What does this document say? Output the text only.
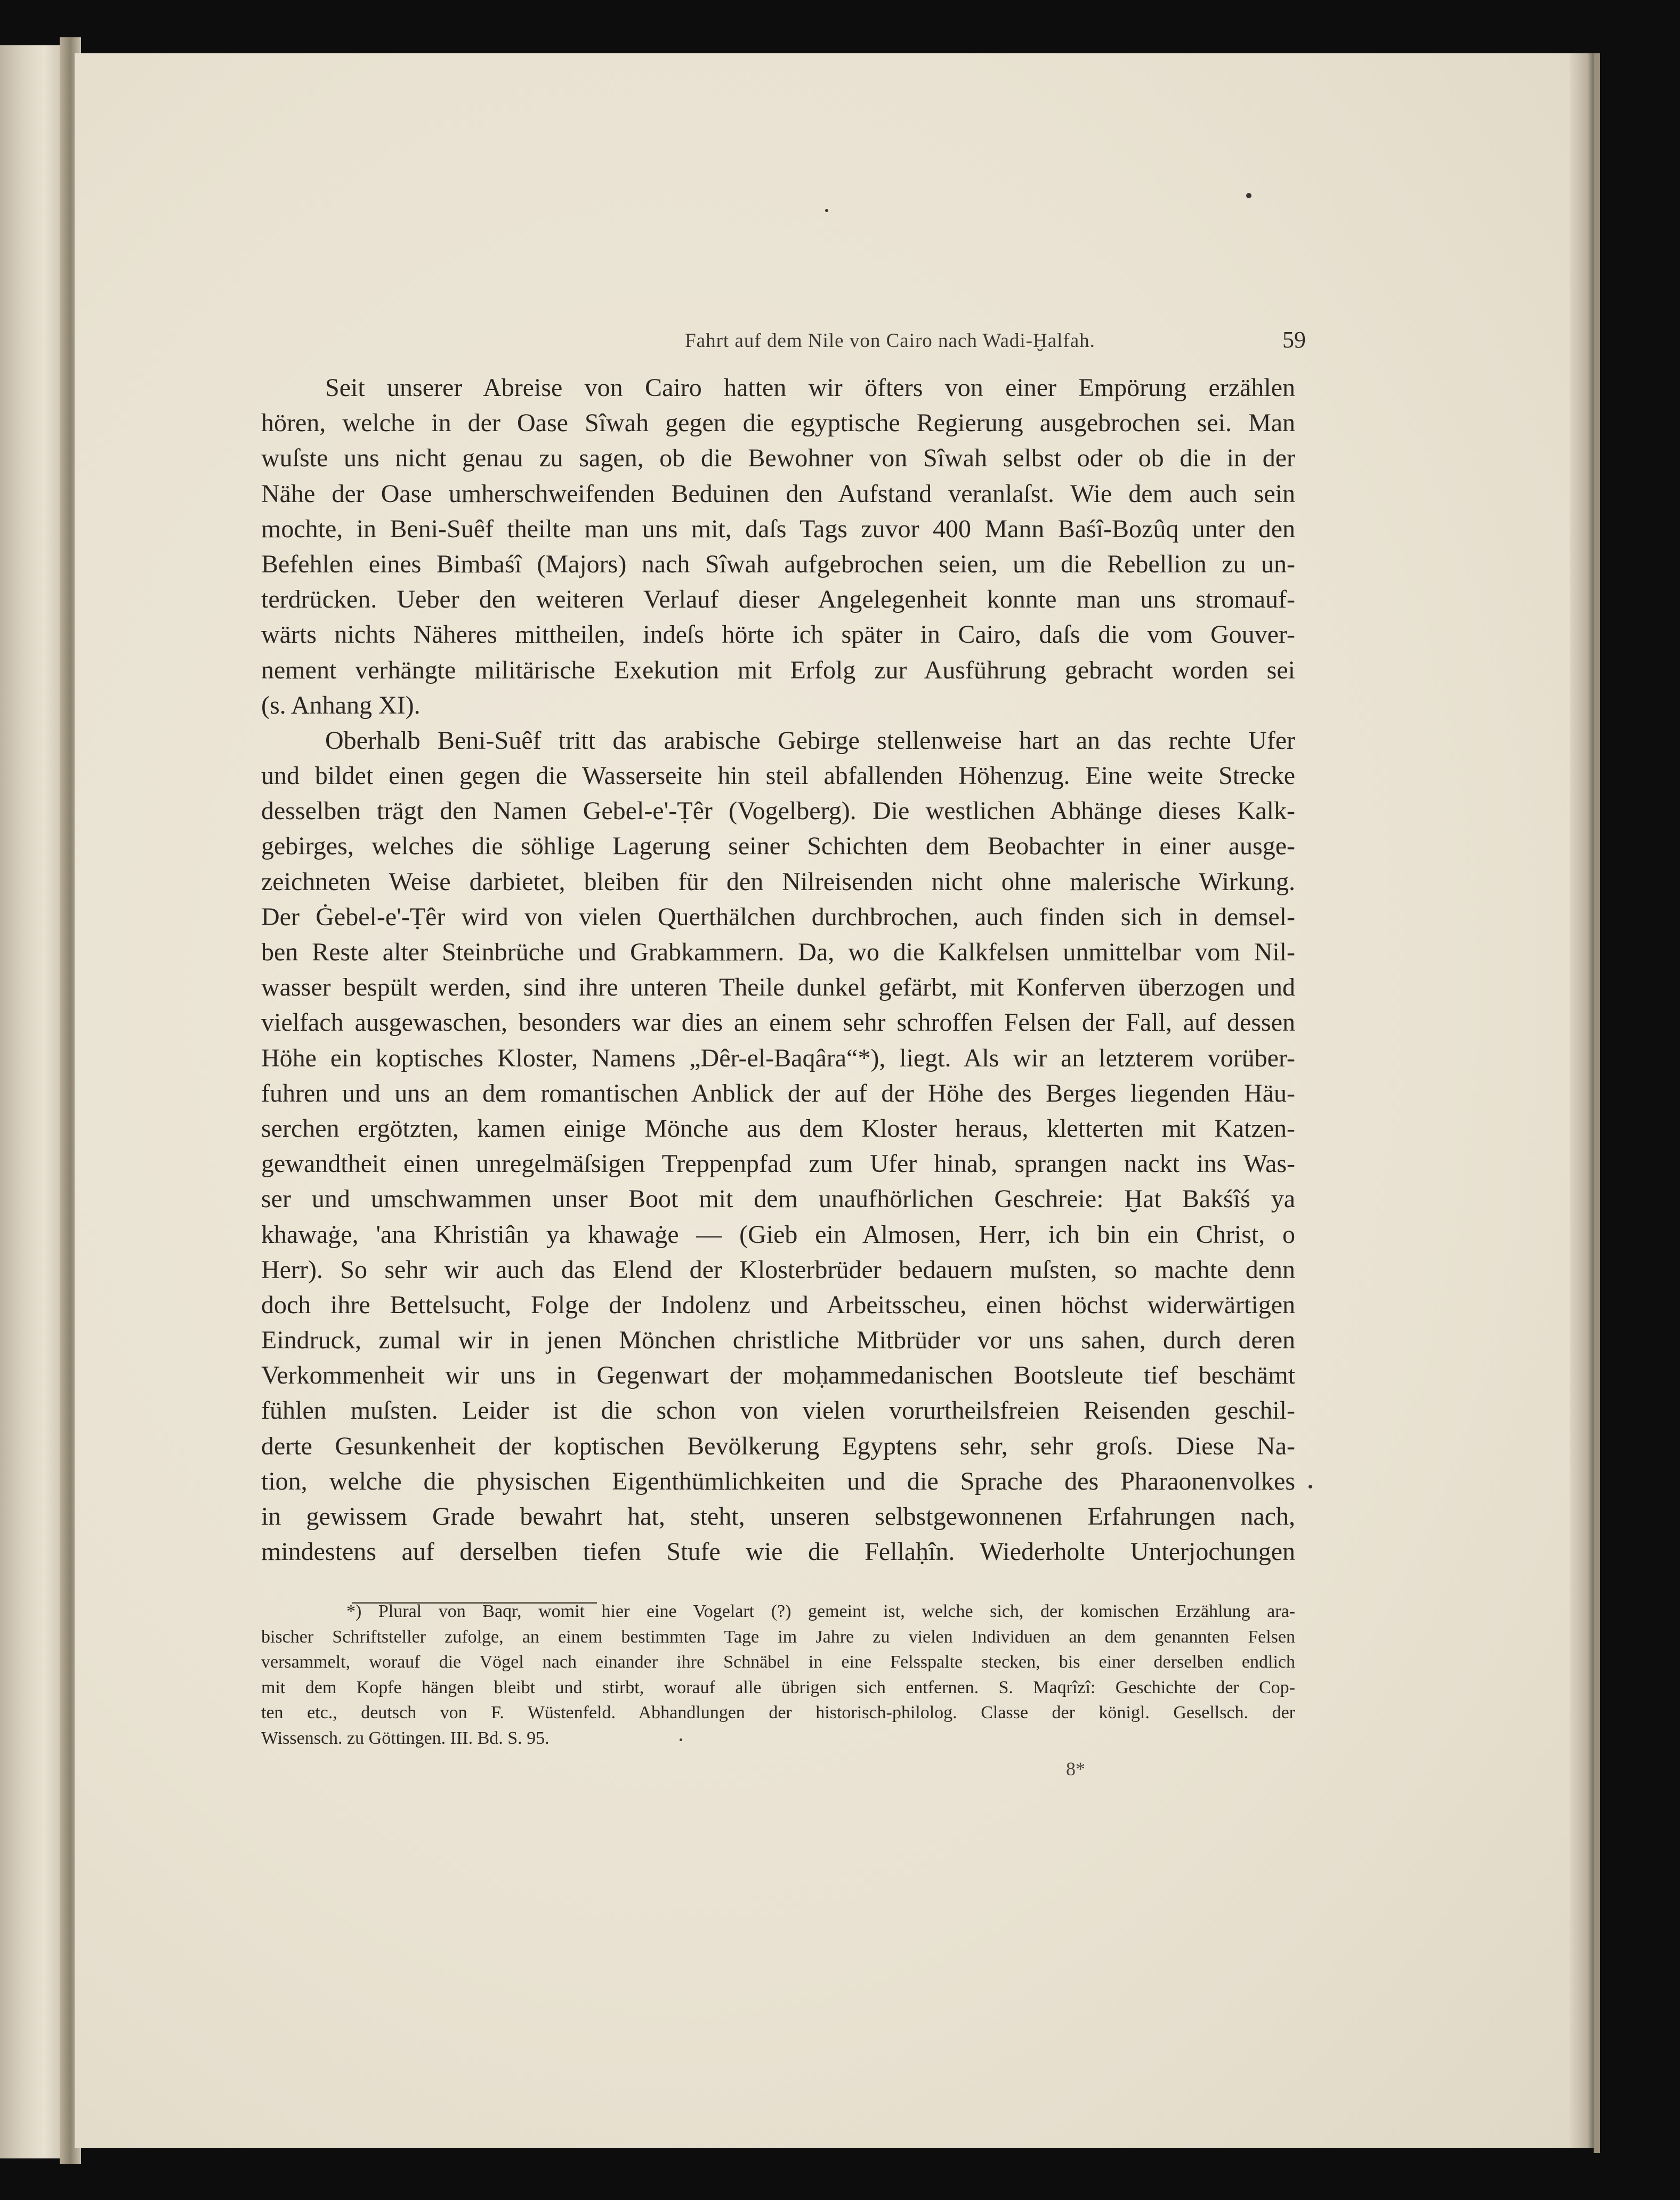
Fahrt auf dem Nile von Cairo nach Wadi-Ḫalfah.	59
Seit unserer Abreise von Cairo hatten wir öfters von einer Empörung erzählen
hören, welche in der Oase Sîwah gegen die egyptische Regierung ausgebrochen sei. Man
wuſste uns nicht genau zu sagen, ob die Bewohner von Sîwah selbst oder ob die in der
Nähe der Oase umherschweifenden Beduinen den Aufstand veranlaſst. Wie dem auch sein
mochte, in Beni-Suêf theilte man uns mit, daſs Tags zuvor 400 Mann Baśî-Bozûq unter den
Befehlen eines Bimbaśî (Majors) nach Sîwah aufgebrochen seien, um die Rebellion zu un-
terdrücken. Ueber den weiteren Verlauf dieser Angelegenheit konnte man uns stromauf-
wärts nichts Näheres mittheilen, indeſs hörte ich später in Cairo, daſs die vom Gouver-
nement verhängte militärische Exekution mit Erfolg zur Ausführung gebracht worden sei
(s. Anhang XI).
Oberhalb Beni-Suêf tritt das arabische Gebirge stellenweise hart an das rechte Ufer
und bildet einen gegen die Wasserseite hin steil abfallenden Höhenzug. Eine weite Strecke
desselben trägt den Namen Gebel-e'-Ṭêr (Vogelberg). Die westlichen Abhänge dieses Kalk-
gebirges, welches die söhlige Lagerung seiner Schichten dem Beobachter in einer ausge-
zeichneten Weise darbietet, bleiben für den Nilreisenden nicht ohne malerische Wirkung.
Der Ġebel-e'-Ṭêr wird von vielen Querthälchen durchbrochen, auch finden sich in demsel-
ben Reste alter Steinbrüche und Grabkammern. Da, wo die Kalkfelsen unmittelbar vom Nil-
wasser bespült werden, sind ihre unteren Theile dunkel gefärbt, mit Konferven überzogen und
vielfach ausgewaschen, besonders war dies an einem sehr schroffen Felsen der Fall, auf dessen
Höhe ein koptisches Kloster, Namens „Dêr-el-Baqâra“*), liegt. Als wir an letzterem vorüber-
fuhren und uns an dem romantischen Anblick der auf der Höhe des Berges liegenden Häu-
serchen ergötzten, kamen einige Mönche aus dem Kloster heraus, kletterten mit Katzen-
gewandtheit einen unregelmäſsigen Treppenpfad zum Ufer hinab, sprangen nackt ins Was-
ser und umschwammen unser Boot mit dem unaufhörlichen Geschreie: Ḫat Bakśîś ya
khawaġe, 'ana Khristiân ya khawaġe — (Gieb ein Almosen, Herr, ich bin ein Christ, o
Herr). So sehr wir auch das Elend der Klosterbrüder bedauern muſsten, so machte denn
doch ihre Bettelsucht, Folge der Indolenz und Arbeitsscheu, einen höchst widerwärtigen
Eindruck, zumal wir in jenen Mönchen christliche Mitbrüder vor uns sahen, durch deren
Verkommenheit wir uns in Gegenwart der moḥammedanischen Bootsleute tief beschämt
fühlen muſsten. Leider ist die schon von vielen vorurtheilsfreien Reisenden geschil-
derte Gesunkenheit der koptischen Bevölkerung Egyptens sehr, sehr groſs. Diese Na-
tion, welche die physischen Eigenthümlichkeiten und die Sprache des Pharaonenvolkes
in gewissem Grade bewahrt hat, steht, unseren selbstgewonnenen Erfahrungen nach,
mindestens auf derselben tiefen Stufe wie die Fellaḥîn. Wiederholte Unterjochungen
*) Plural von Baqr, womit hier eine Vogelart (?) gemeint ist, welche sich, der komischen Erzählung ara-
bischer Schriftsteller zufolge, an einem bestimmten Tage im Jahre zu vielen Individuen an dem genannten Felsen
versammelt, worauf die Vögel nach einander ihre Schnäbel in eine Felsspalte stecken, bis einer derselben endlich
mit dem Kopfe hängen bleibt und stirbt, worauf alle übrigen sich entfernen. S. Maqrîzî: Geschichte der Cop-
ten etc., deutsch von F. Wüstenfeld. Abhandlungen der historisch-philolog. Classe der königl. Gesellsch. der
Wissensch. zu Göttingen. III. Bd. S. 95.
8*
